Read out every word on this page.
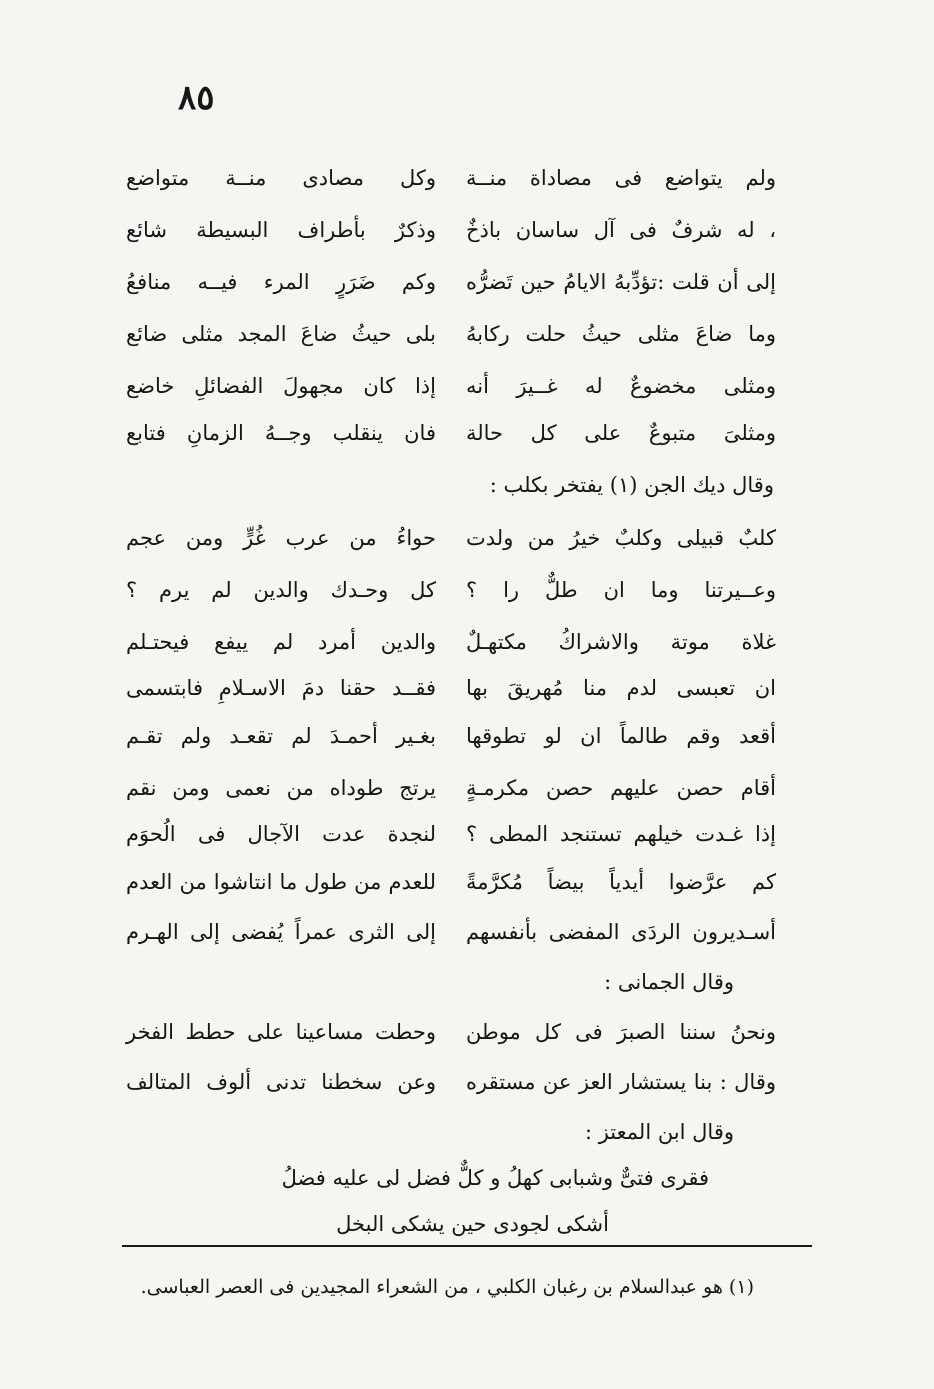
٨٥
ولم يتواضع فى مصاداة منــة
وكل مصادى منــة متواضع
، له شرفٌ فى آل ساسان باذخٌ
وذكرٌ بأطراف البسيطة شائع
إلى أن قلت :تؤدِّبهُ الايامُ حين تَضرُّه
وكم ضَرَرٍ المرء فيــه منافعُ
وما ضاعَ مثلى حيثُ حلت ركابهُ
بلى حيثُ ضاعَ المجد مثلى ضائع
ومثلى مخضوعٌ له غــيرَ أنه
إذا كان مجهولَ الفضائلِ خاضع
ومثلىَ متبوعٌ على كل حالة
فان ينقلب وجــهُ الزمانِ فتابع
وقال ديك الجن (١) يفتخر بكلب :
كلبٌ قبيلى وكلبٌ خيرُ من ولدت
حواءُ من عرب غُرٍّ ومن عجم
وعــيرتنا وما ان طلٌّ را ؟
كل وحـدك والدين لم يرم ؟
غلاة موتة والاشراكُ مكتهـلٌ
والدين أمرد لم ييفع فيحتـلم
ان تعبسى لدم منا مُهريقَ بها
فقــد حقنا دمَ الاسـلامِ فابتسمى
أقعد وقم طالماً ان لو تطوقها
بغـير أحمـدَ لم تقعـد ولم تقـم
أقام حصن عليهم حصن مكرمـةٍ
يرتج طوداه من نعمى ومن نقم
إذا غـدت خيلهم تستنجد المطى ؟
لنجدة عدت الآجال فى الُحوَم
كم عرَّضوا أيدياً بيضاً مُكرَّمةً
للعدم من طول ما انتاشوا من العدم
أسـديرون الردَى المفضى بأنفسهم
إلى الثرى عمراً يُفضى إلى الهـرم
وقال الجمانى :
ونحنُ سننا الصبرَ فى كل موطن
وحطت مساعينا على حطط الفخر
وقال : بنا يستشار العز عن مستقره
وعن سخطنا تدنى ألوف المتالف
وقال ابن المعتز :
فقرى فتىٌّ وشبابى كهلُ و كلٌّ فضل لى عليه فضلُ
أشكى لجودى حين يشكى البخل
(١) هو عبدالسلام بن رغبان الكلبي ، من الشعراء المجيدين فى العصر العباسى.
